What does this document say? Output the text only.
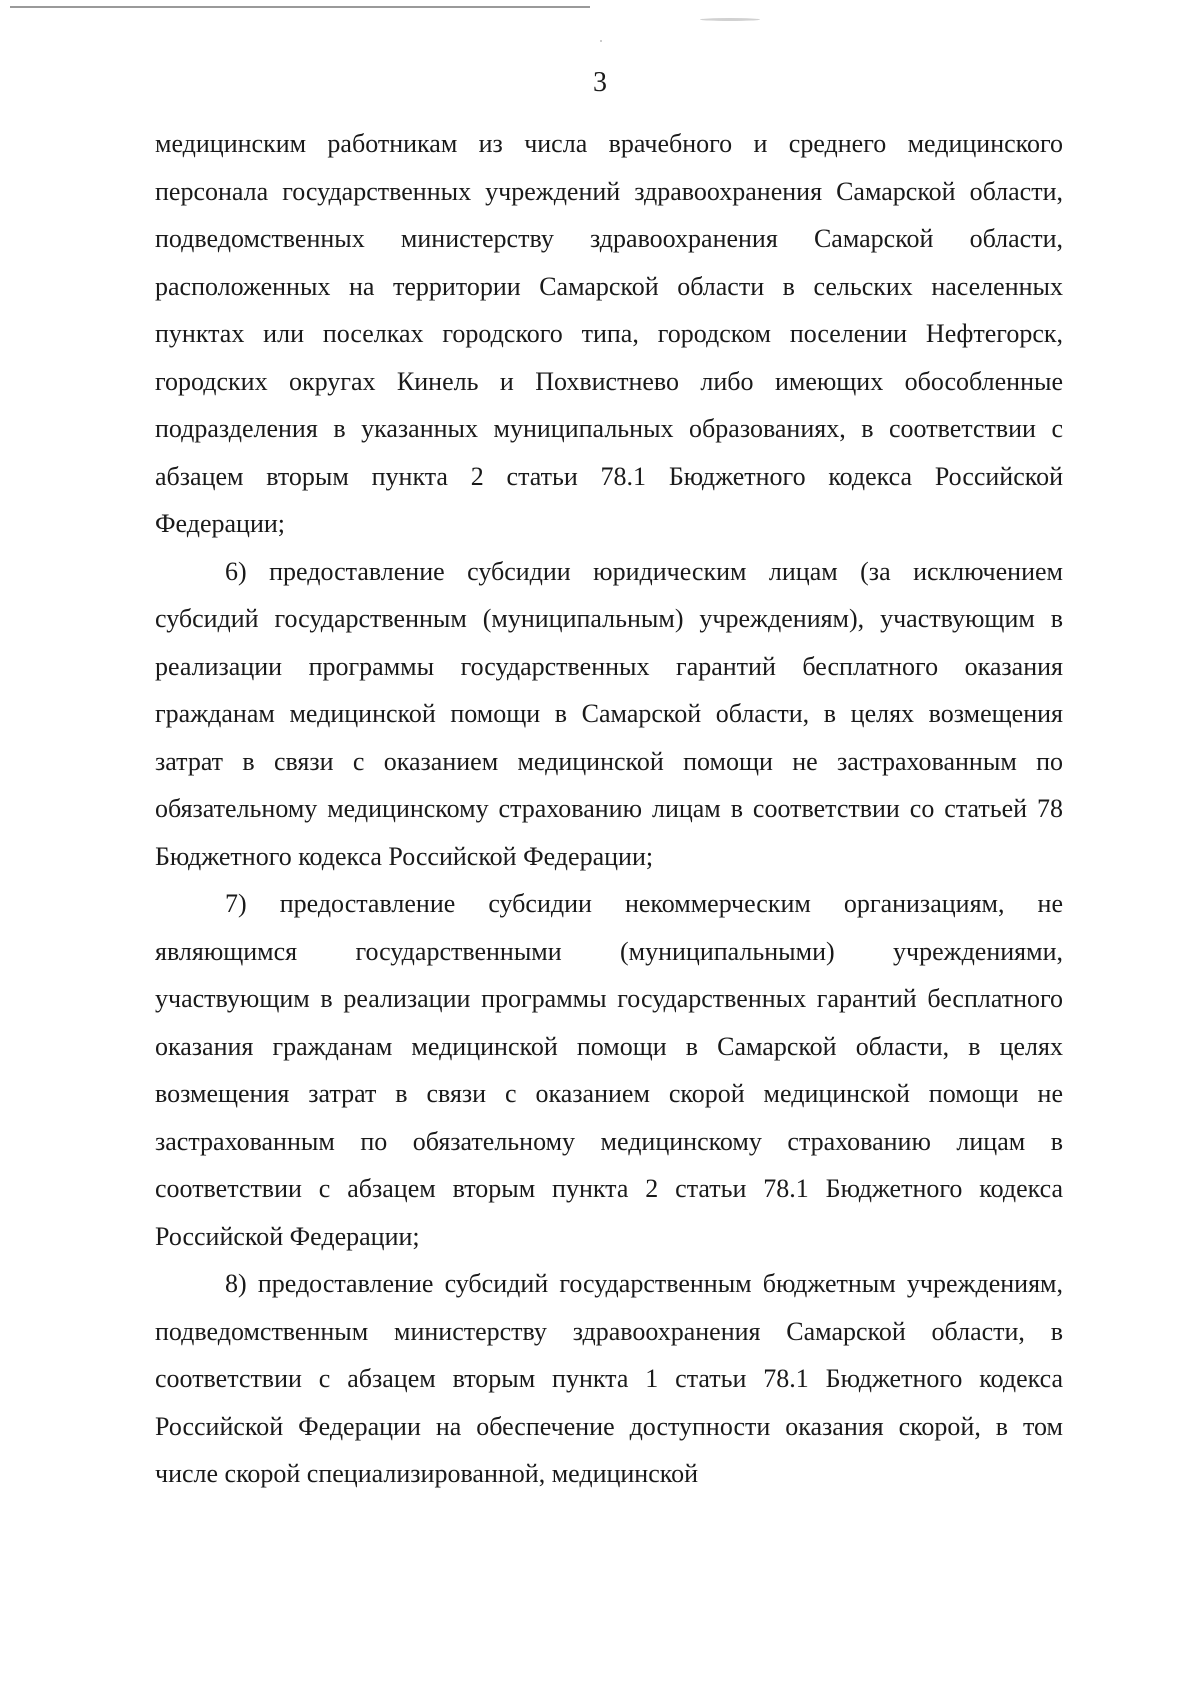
3

медицинским работникам из числа врачебного и среднего медицинского персонала государственных учреждений здравоохранения Самарской области, подведомственных министерству здравоохранения Самарской области, расположенных на территории Самарской области в сельских населенных пунктах или поселках городского типа, городском поселении Нефтегорск, городских округах Кинель и Похвистнево либо имеющих обособленные подразделения в указанных муниципальных образованиях, в соответствии с абзацем вторым пункта 2 статьи 78.1 Бюджетного кодекса Российской Федерации;

6) предоставление субсидии юридическим лицам (за исключением субсидий государственным (муниципальным) учреждениям), участвующим в реализации программы государственных гарантий бесплатного оказания гражданам медицинской помощи в Самарской области, в целях возмещения затрат в связи с оказанием медицинской помощи не застрахованным по обязательному медицинскому страхованию лицам в соответствии со статьей 78 Бюджетного кодекса Российской Федерации;

7) предоставление субсидии некоммерческим организациям, не являющимся государственными (муниципальными) учреждениями, участвующим в реализации программы государственных гарантий бесплатного оказания гражданам медицинской помощи в Самарской области, в целях возмещения затрат в связи с оказанием скорой медицинской помощи не застрахованным по обязательному медицинскому страхованию лицам в соответствии с абзацем вторым пункта 2 статьи 78.1 Бюджетного кодекса Российской Федерации;

8) предоставление субсидий государственным бюджетным учреждениям, подведомственным министерству здравоохранения Самарской области, в соответствии с абзацем вторым пункта 1 статьи 78.1 Бюджетного кодекса Российской Федерации на обеспечение доступности оказания скорой, в том числе скорой специализированной, медицинской
